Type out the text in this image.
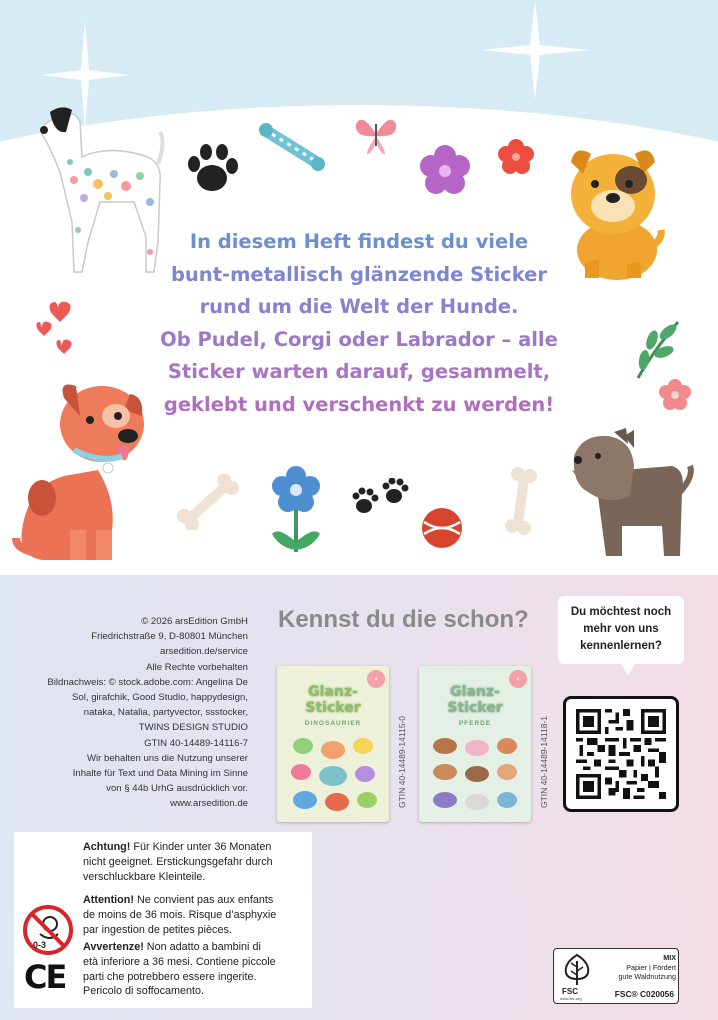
In diesem Heft findest du viele
bunt-metallisch glänzende Sticker
rund um die Welt der Hunde.
Ob Pudel, Corgi oder Labrador – alle
Sticker warten darauf, gesammelt,
geklebt und verschenkt zu werden!
© 2026 arsEdition GmbH
Friedrichstraße 9, D-80801 München
arsedition.de/service
Alle Rechte vorbehalten
Bildnachweis: © stock.adobe.com: Angelina De
Sol, girafchik, Good Studio, happydesign,
nataka, Natalia, partyvector, ssstocker,
TWINS DESIGN STUDIO
GTIN 40-14489-14116-7
Wir behalten uns die Nutzung unserer
Inhalte für Text und Data Mining im Sinne
von § 44b UrhG ausdrücklich vor.
www.arsedition.de
Kennst du die schon?
●
Glanz-
Sticker
DINOSAURIER	GTIN 40-14489-14115-0
●
Glanz-
Sticker
PFERDE	GTIN 40-14489-14118-1
Du möchtest noch
mehr von uns
kennenlernen?
Achtung! Für Kinder unter 36 Monaten
nicht geeignet. Erstickungsgefahr durch
verschluckbare Kleinteile.
Attention! Ne convient pas aux enfants
de moins de 36 mois. Risque d’asphyxie
par ingestion de petites pièces.
Avvertenze! Non adatto a bambini di
età inferiore a 36 mesi. Contiene piccole
parti che potrebbero essere ingerite.
Pericolo di soffocamento.
0-3
CE	FSC
www.fsc.org
MIX
Papier | Fördert
gute Waldnutzung
FSC® C020056
